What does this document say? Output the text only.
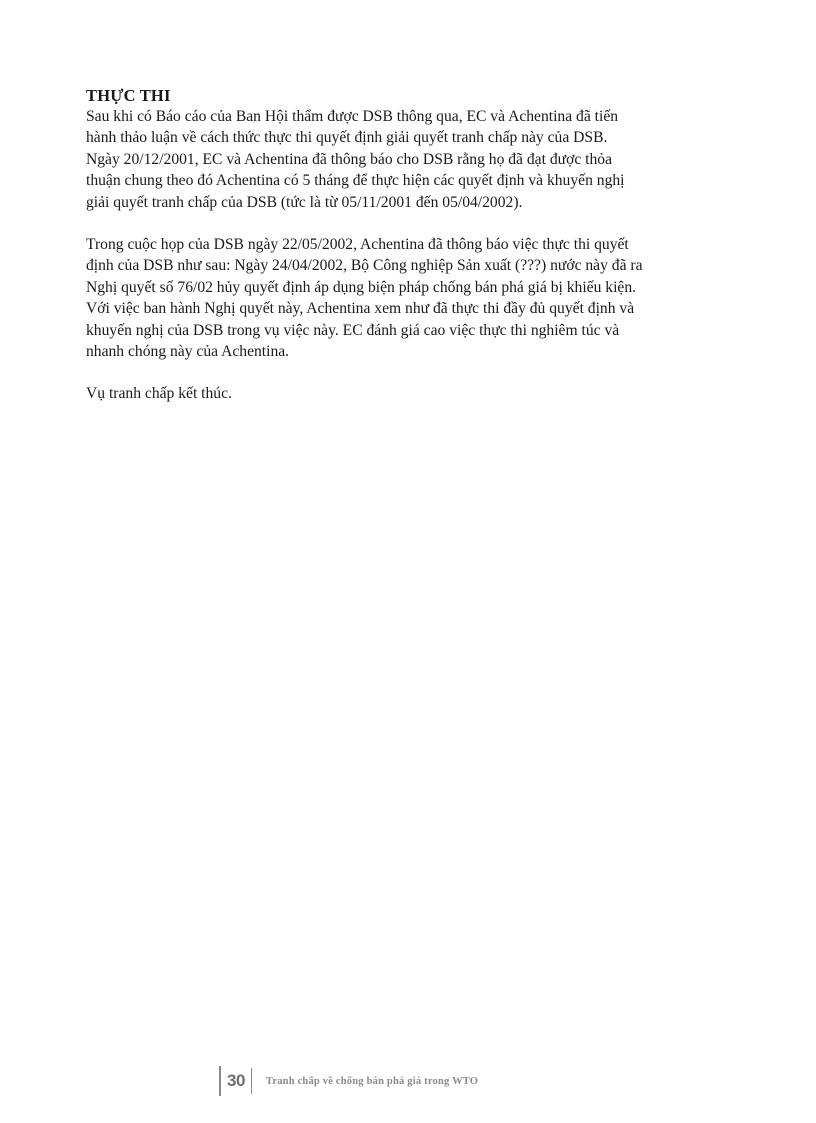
THỰC THI

Sau khi có Báo cáo của Ban Hội thẩm được DSB thông qua, EC và Achentina đã tiến
hành thảo luận về cách thức thực thi quyết định giải quyết tranh chấp này của DSB.
Ngày 20/12/2001, EC và Achentina đã thông báo cho DSB rằng họ đã đạt được thỏa
thuận chung theo đó Achentina có 5 tháng để thực hiện các quyết định và khuyến nghị
giải quyết tranh chấp của DSB (tức là từ 05/11/2001 đến 05/04/2002).

Trong cuộc họp của DSB ngày 22/05/2002, Achentina đã thông báo việc thực thi quyết
định của DSB như sau: Ngày 24/04/2002, Bộ Công nghiệp Sản xuất (???) nước này đã ra
Nghị quyết số 76/02 hủy quyết định áp dụng biện pháp chống bán phá giá bị khiếu kiện.
Với việc ban hành Nghị quyết này, Achentina xem như đã thực thi đầy đủ quyết định và
khuyến nghị của DSB trong vụ việc này. EC đánh giá cao việc thực thi nghiêm túc và
nhanh chóng này của Achentina.

Vụ tranh chấp kết thúc.

30	Tranh chấp về chống bán phá giá trong WTO
